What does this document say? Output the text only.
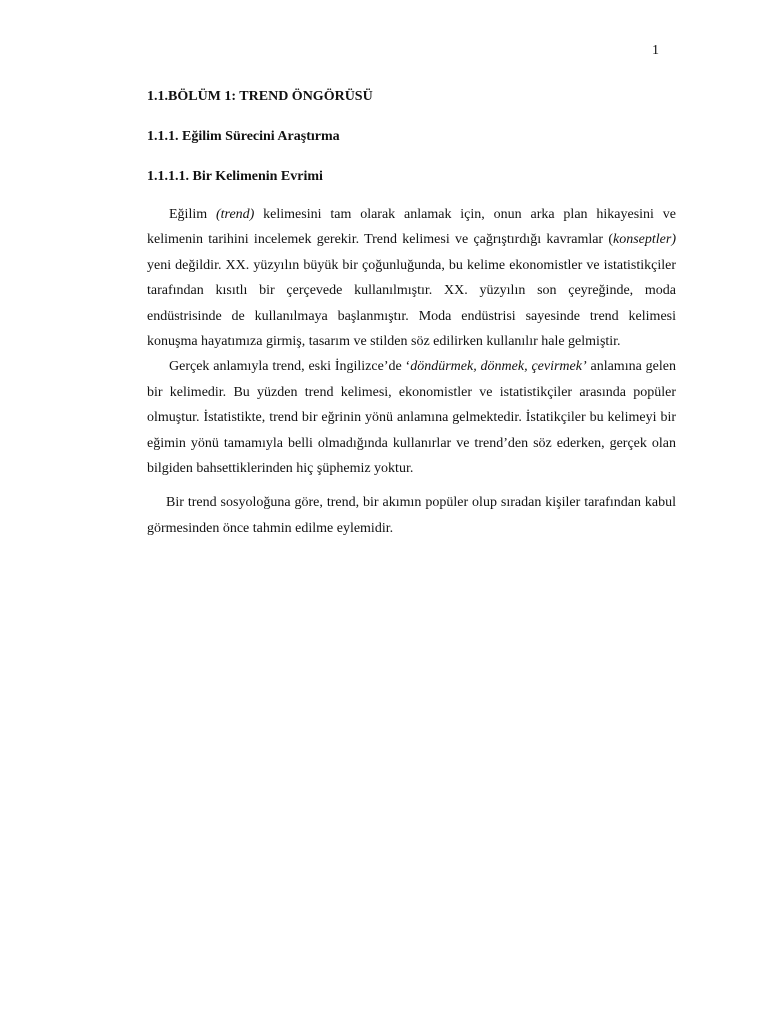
1

1.1.BÖLÜM 1: TREND ÖNGÖRÜSÜ

1.1.1. Eğilim Sürecini Araştırma

1.1.1.1. Bir Kelimenin Evrimi

Eğilim (trend) kelimesini tam olarak anlamak için, onun arka plan hikayesini ve kelimenin tarihini incelemek gerekir. Trend kelimesi ve çağrıştırdığı kavramlar (konseptler) yeni değildir. XX. yüzyılın büyük bir çoğunluğunda, bu kelime ekonomistler ve istatistikçiler tarafından kısıtlı bir çerçevede kullanılmıştır. XX. yüzyılın son çeyreğinde, moda endüstrisinde de kullanılmaya başlanmıştır. Moda endüstrisi sayesinde trend kelimesi konuşma hayatımıza girmiş, tasarım ve stilden söz edilirken kullanılır hale gelmiştir.

Gerçek anlamıyla trend, eski İngilizce’de ‘döndürmek, dönmek, çevirmek’ anlamına gelen bir kelimedir. Bu yüzden trend kelimesi, ekonomistler ve istatistikçiler arasında popüler olmuştur. İstatistikte, trend bir eğrinin yönü anlamına gelmektedir. İstatikçiler bu kelimeyi bir eğimin yönü tamamıyla belli olmadığında kullanırlar ve trend’den söz ederken, gerçek olan bilgiden bahsettiklerinden hiç şüphemiz yoktur.

Bir trend sosyoloğuna göre, trend, bir akımın popüler olup sıradan kişiler tarafından kabul görmesinden önce tahmin edilme eylemidir.
